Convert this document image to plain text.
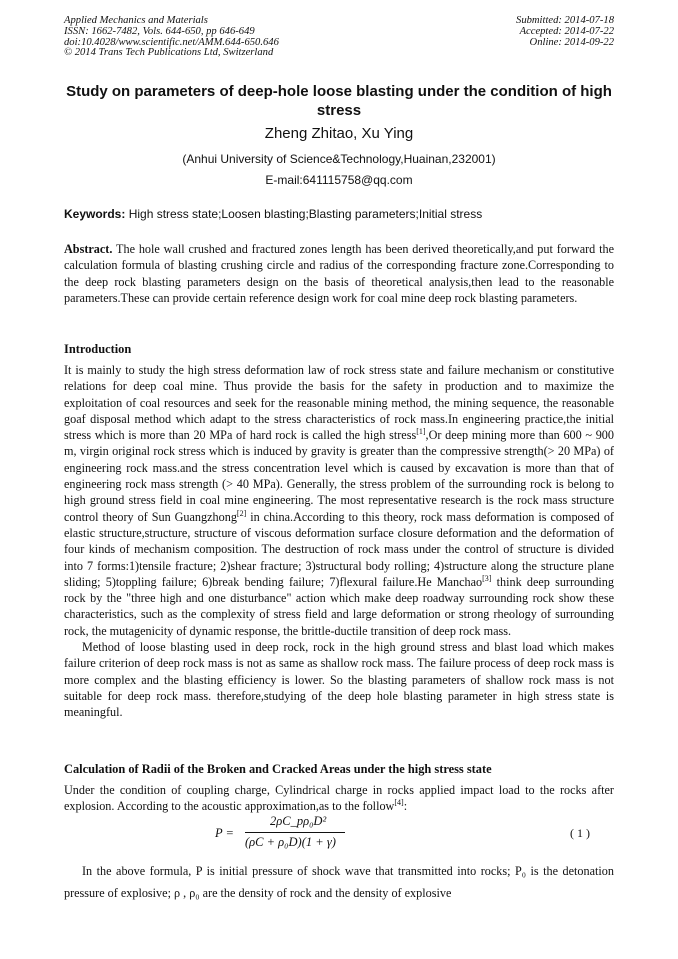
Applied Mechanics and Materials
ISSN: 1662-7482, Vols. 644-650, pp 646-649
doi:10.4028/www.scientific.net/AMM.644-650.646
© 2014 Trans Tech Publications Ltd, Switzerland
Submitted: 2014-07-18
Accepted: 2014-07-22
Online: 2014-09-22
Study on parameters of deep-hole loose blasting under the condition of high stress
Zheng Zhitao, Xu Ying
(Anhui University of Science&Technology,Huainan,232001)
E-mail:641115758@qq.com
Keywords: High stress state;Loosen blasting;Blasting parameters;Initial stress
Abstract. The hole wall crushed and fractured zones length has been derived theoretically,and put forward the calculation formula of blasting crushing circle and radius of the corresponding fracture zone.Corresponding to the deep rock blasting parameters design on the basis of theoretical analysis,then lead to the reasonable parameters.These can provide certain reference design work for coal mine deep rock blasting parameters.
Introduction
It is mainly to study the high stress deformation law of rock stress state and failure mechanism or constitutive relations for deep coal mine. Thus provide the basis for the safety in production and to maximize the exploitation of coal resources and seek for the reasonable mining method, the mining sequence, the reasonable goaf disposal method which adapt to the stress characteristics of rock mass.In engineering practice,the initial stress which is more than 20 MPa of hard rock is called the high stress[1],Or deep mining more than 600 ~ 900 m, virgin original rock stress which is induced by gravity is greater than the compressive strength(> 20 MPa) of engineering rock mass.and the stress concentration level which is caused by excavation is more than that of engineering rock mass strength (> 40 MPa). Generally, the stress problem of the surrounding rock is belong to high ground stress field in coal mine engineering. The most representative research is the rock mass structure control theory of Sun Guangzhong[2] in china.According to this theory, rock mass deformation is composed of elastic structure,structure, structure of viscous deformation surface closure deformation and the deformation of four kinds of mechanism composition. The destruction of rock mass under the control of structure is divided into 7 forms:1)tensile fracture; 2)shear fracture; 3)structural body rolling; 4)structure along the structure plane sliding; 5)toppling failure; 6)break bending failure; 7)flexural failure.He Manchao[3] think deep surrounding rock by the "three high and one disturbance" action which make deep roadway surrounding rock show these characteristics, such as the complexity of stress field and large deformation or strong rheology of surrounding rock, the mutagenicity of dynamic response, the brittle-ductile transition of deep rock mass.
Method of loose blasting used in deep rock, rock in the high ground stress and blast load which makes failure criterion of deep rock mass is not as same as shallow rock mass. The failure process of deep rock mass is more complex and the blasting efficiency is lower. So the blasting parameters of shallow rock mass is not suitable for deep rock mass. therefore,studying of the deep hole blasting parameter in high stress state is meaningful.
Calculation of Radii of the Broken and Cracked Areas under the high stress state
Under the condition of coupling charge, Cylindrical charge in rocks applied impact load to the rocks after explosion. According to the acoustic approximation,as to the follow[4]:
P =
2ρC_pρ₀D²
(ρC + ρ₀D)(1 + γ)
( 1 )
In the above formula, P is initial pressure of shock wave that transmitted into rocks; P₀ is the detonation pressure of explosive; ρ , ρ₀ are the density of rock and the density of explosive
